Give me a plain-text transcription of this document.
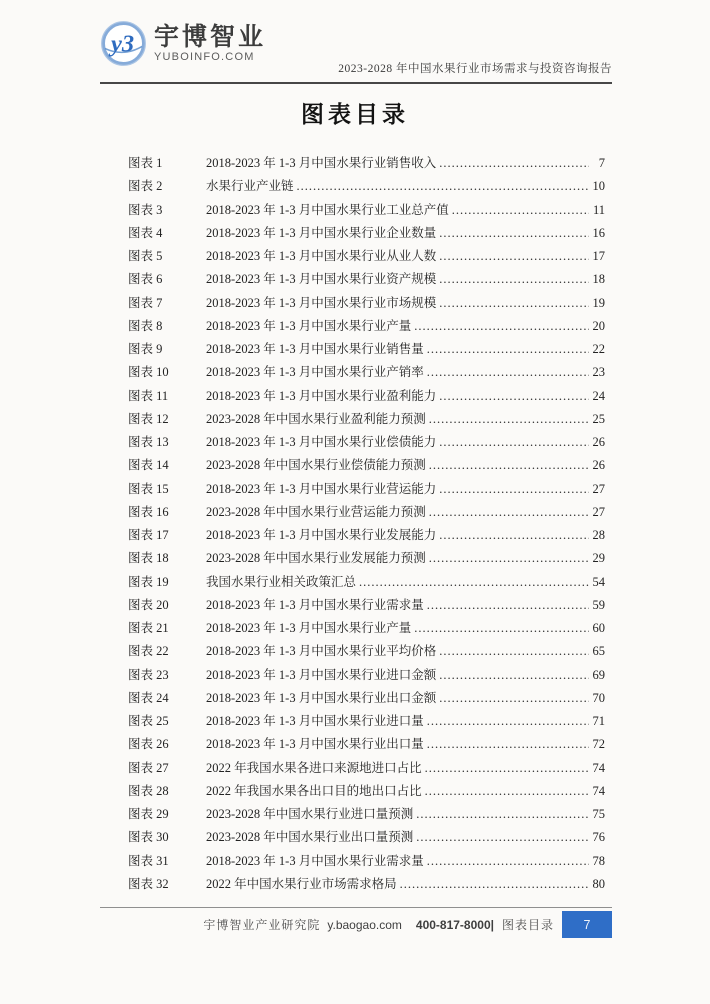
y3 宇博智业
YUBOINFO.COM
2023-2028 年中国水果行业市场需求与投资咨询报告
图表目录
图表 1	2018-2023 年 1-3 月中国水果行业销售收入 .....	7
图表 2	水果行业产业链 .....	10
图表 3	2018-2023 年 1-3 月中国水果行业工业总产值 .....	11
图表 4	2018-2023 年 1-3 月中国水果行业企业数量 .....	16
图表 5	2018-2023 年 1-3 月中国水果行业从业人数 .....	17
图表 6	2018-2023 年 1-3 月中国水果行业资产规模 .....	18
图表 7	2018-2023 年 1-3 月中国水果行业市场规模 .....	19
图表 8	2018-2023 年 1-3 月中国水果行业产量 .....	20
图表 9	2018-2023 年 1-3 月中国水果行业销售量 .....	22
图表 10	2018-2023 年 1-3 月中国水果行业产销率 .....	23
图表 11	2018-2023 年 1-3 月中国水果行业盈利能力 .....	24
图表 12	2023-2028 年中国水果行业盈利能力预测 .....	25
图表 13	2018-2023 年 1-3 月中国水果行业偿债能力 .....	26
图表 14	2023-2028 年中国水果行业偿债能力预测 .....	26
图表 15	2018-2023 年 1-3 月中国水果行业营运能力 .....	27
图表 16	2023-2028 年中国水果行业营运能力预测 .....	27
图表 17	2018-2023 年 1-3 月中国水果行业发展能力 .....	28
图表 18	2023-2028 年中国水果行业发展能力预测 .....	29
图表 19	我国水果行业相关政策汇总 .....	54
图表 20	2018-2023 年 1-3 月中国水果行业需求量 .....	59
图表 21	2018-2023 年 1-3 月中国水果行业产量 .....	60
图表 22	2018-2023 年 1-3 月中国水果行业平均价格 .....	65
图表 23	2018-2023 年 1-3 月中国水果行业进口金额 .....	69
图表 24	2018-2023 年 1-3 月中国水果行业出口金额 .....	70
图表 25	2018-2023 年 1-3 月中国水果行业进口量 .....	71
图表 26	2018-2023 年 1-3 月中国水果行业出口量 .....	72
图表 27	2022 年我国水果各进口来源地进口占比 .....	74
图表 28	2022 年我国水果各出口目的地出口占比 .....	74
图表 29	2023-2028 年中国水果行业进口量预测 .....	75
图表 30	2023-2028 年中国水果行业出口量预测 .....	76
图表 31	2018-2023 年 1-3 月中国水果行业需求量 .....	78
图表 32	2022 年中国水果行业市场需求格局 .....	80
宇博智业产业研究院 y.baogao.com 400-817-8000| 图表目录	7
